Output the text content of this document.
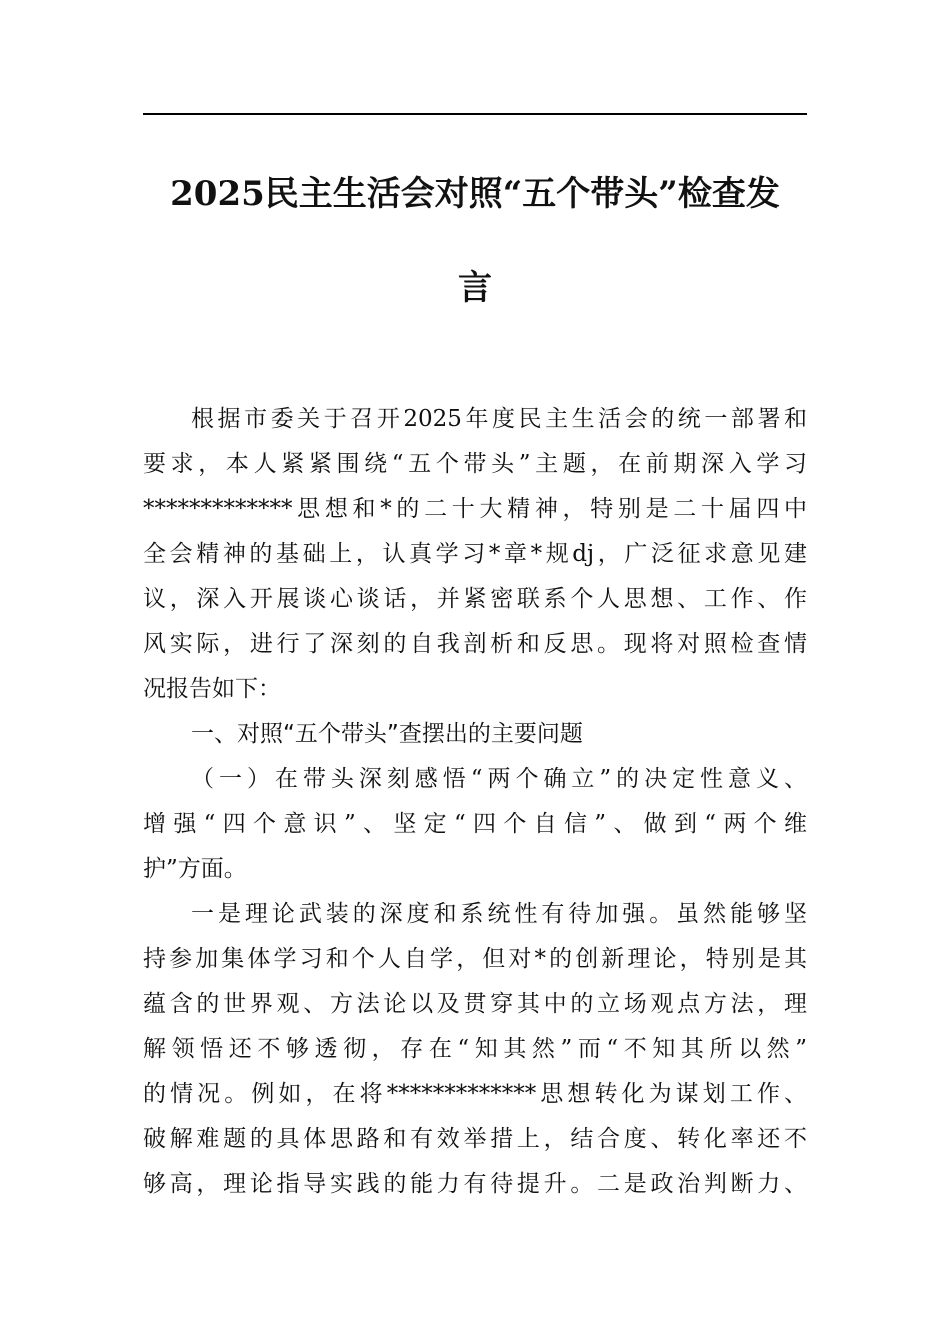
2025民主生活会对照“五个带头”检查发
言
根据市委关于召开2025年度民主生活会的统一部署和
要求，本人紧紧围绕“五个带头”主题，在前期深入学习
*************思想和*的二十大精神，特别是二十届四中
全会精神的基础上，认真学习*章*规dj，广泛征求意见建
议，深入开展谈心谈话，并紧密联系个人思想、工作、作
风实际，进行了深刻的自我剖析和反思。现将对照检查情
况报告如下：
一、对照“五个带头”查摆出的主要问题
（一）在带头深刻感悟“两个确立”的决定性意义、
增强“四个意识”、坚定“四个自信”、做到“两个维
护”方面。
一是理论武装的深度和系统性有待加强。虽然能够坚
持参加集体学习和个人自学，但对*的创新理论，特别是其
蕴含的世界观、方法论以及贯穿其中的立场观点方法，理
解领悟还不够透彻，存在“知其然”而“不知其所以然”
的情况。例如，在将*************思想转化为谋划工作、
破解难题的具体思路和有效举措上，结合度、转化率还不
够高，理论指导实践的能力有待提升。二是政治判断力、
